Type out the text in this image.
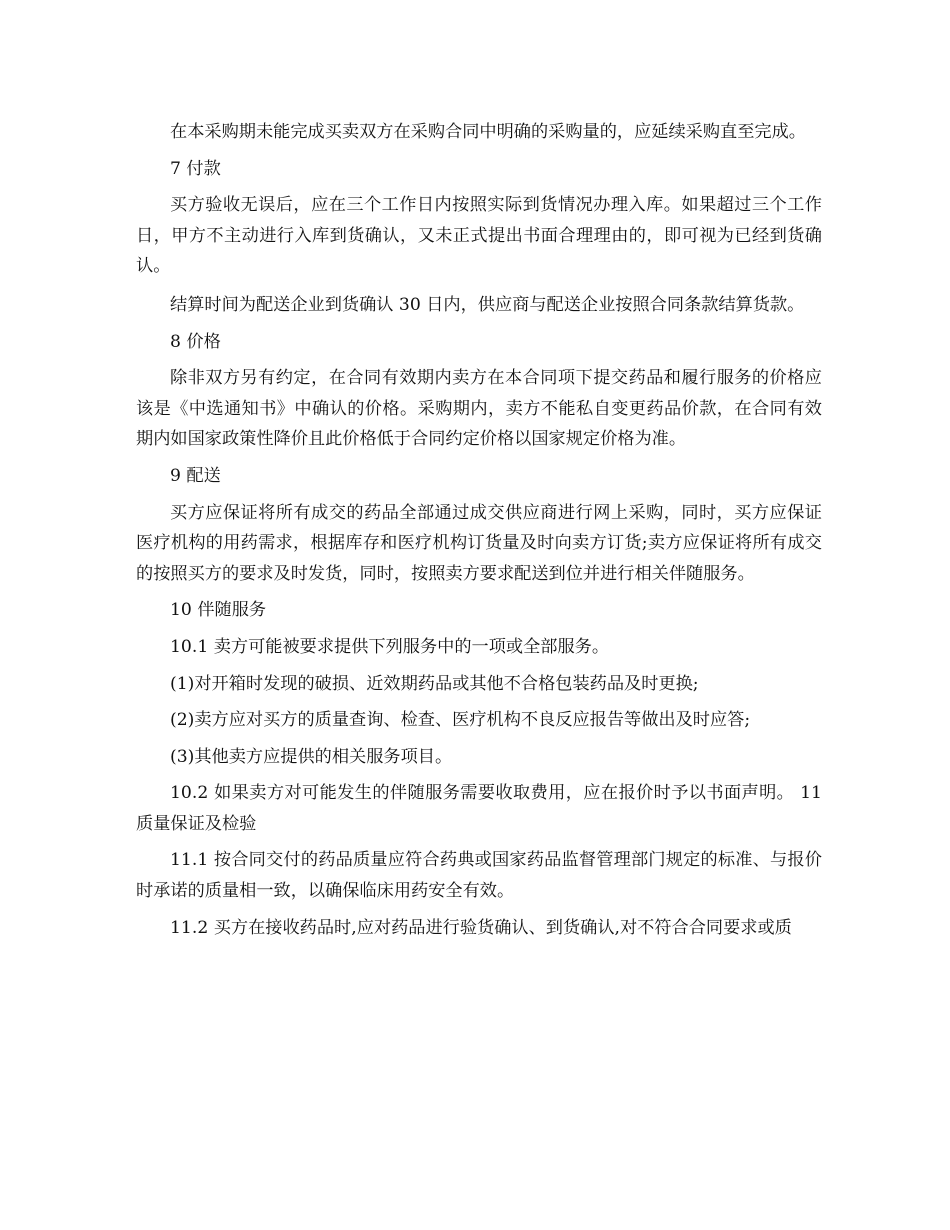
在本采购期未能完成买卖双方在采购合同中明确的采购量的，应延续采购直至完成。

7 付款

买方验收无误后，应在三个工作日内按照实际到货情况办理入库。如果超过三个工作日，甲方不主动进行入库到货确认，又未正式提出书面合理理由的，即可视为已经到货确认。

结算时间为配送企业到货确认 30 日内，供应商与配送企业按照合同条款结算货款。

8 价格

除非双方另有约定，在合同有效期内卖方在本合同项下提交药品和履行服务的价格应该是《中选通知书》中确认的价格。采购期内，卖方不能私自变更药品价款，在合同有效期内如国家政策性降价且此价格低于合同约定价格以国家规定价格为准。

9 配送

买方应保证将所有成交的药品全部通过成交供应商进行网上采购，同时，买方应保证医疗机构的用药需求，根据库存和医疗机构订货量及时向卖方订货;卖方应保证将所有成交的按照买方的要求及时发货，同时，按照卖方要求配送到位并进行相关伴随服务。

10 伴随服务

10.1 卖方可能被要求提供下列服务中的一项或全部服务。

(1)对开箱时发现的破损、近效期药品或其他不合格包装药品及时更换;

(2)卖方应对买方的质量查询、检查、医疗机构不良反应报告等做出及时应答;

(3)其他卖方应提供的相关服务项目。

10.2 如果卖方对可能发生的伴随服务需要收取费用，应在报价时予以书面声明。 11 质量保证及检验

11.1 按合同交付的药品质量应符合药典或国家药品监督管理部门规定的标准、与报价时承诺的质量相一致，以确保临床用药安全有效。

11.2 买方在接收药品时,应对药品进行验货确认、到货确认,对不符合合同要求或质
